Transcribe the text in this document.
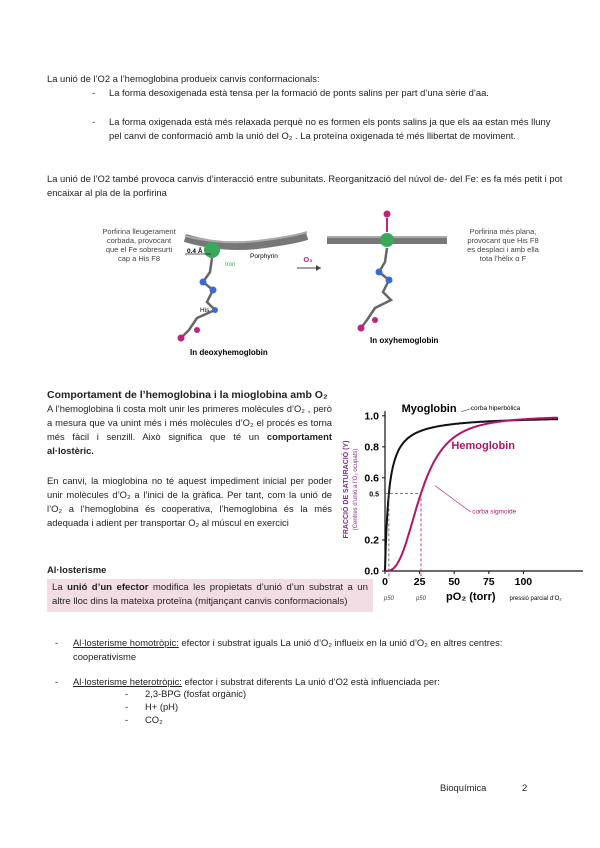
La unió de l’O2 a l’hemoglobina produeix canvis conformacionals:

- La forma desoxigenada està tensa per la formació de ponts salins per part d’una sèrie d’aa.

- La forma oxigenada està més relaxada perquè no es formen els ponts salins ja que els aa estan més lluny pel canvi de conformació amb la unió del O₂ . La proteïna oxigenada té més llibertat de moviment.

La unió de l’O2 també provoca canvis d’interacció entre subunitats. Reorganització del núvol de- del Fe: es fa més petit i pot encaixar al pla de la porfirina

Porfirina lleugerament corbada, provocant que el Fe sobresurti cap a His F8
0.4 Å
Iron
Porphyrin
His
In deoxyhemoglobin
O₂
In oxyhemoglobin
Porfirina més plana, provocant que His F8 es desplaci i amb ella tota l’hèlix α F

Comportament de l’hemoglobina i la mioglobina amb O₂

A l’hemoglobina li costa molt unir les primeres molècules d’O₂ , però a mesura que va unint més i més molècules d’O₂ el procés es torna més fàcil i senzill. Això significa que té un comportament al·lostèric.

En canvi, la mioglobina no té aquest impediment inicial per poder unir molècules d’O₂ a l’inici de la gràfica. Per tant, com la unió de l’O₂ a l’hemoglobina és cooperativa, l’hemoglobina és la més adequada i adient per transportar O₂ al múscul en exercici

0.0
0.2
0.6
0.8
1.0
0 25 50 75 100
pO₂ (torr) pressió parcial d’O₂
FRACCIÓ DE SATURACIÓ (Y) (Centres d’unió a l’O₂ ocupats)
Myoglobin
Hemoglobin
corba hiperbòlica
corba sigmoide
0.5
p50	p50

Al·losterisme

La unió d’un efector modifica les propietats d’unió d’un substrat a un altre lloc dins la mateixa proteïna (mitjançant canvis conformacionals)
- Al·losterisme homotròpic: efector i substrat iguals La unió d’O₂ influeix en la unió d’O₂ en altres centres: cooperativisme

- Al·losterisme heterotròpic: efector i substrat diferents La unió d’O2 està influenciada per:

- 2,3-BPG (fosfat orgànic)
- H+ (pH)
- CO₂

Bioquímica	2
